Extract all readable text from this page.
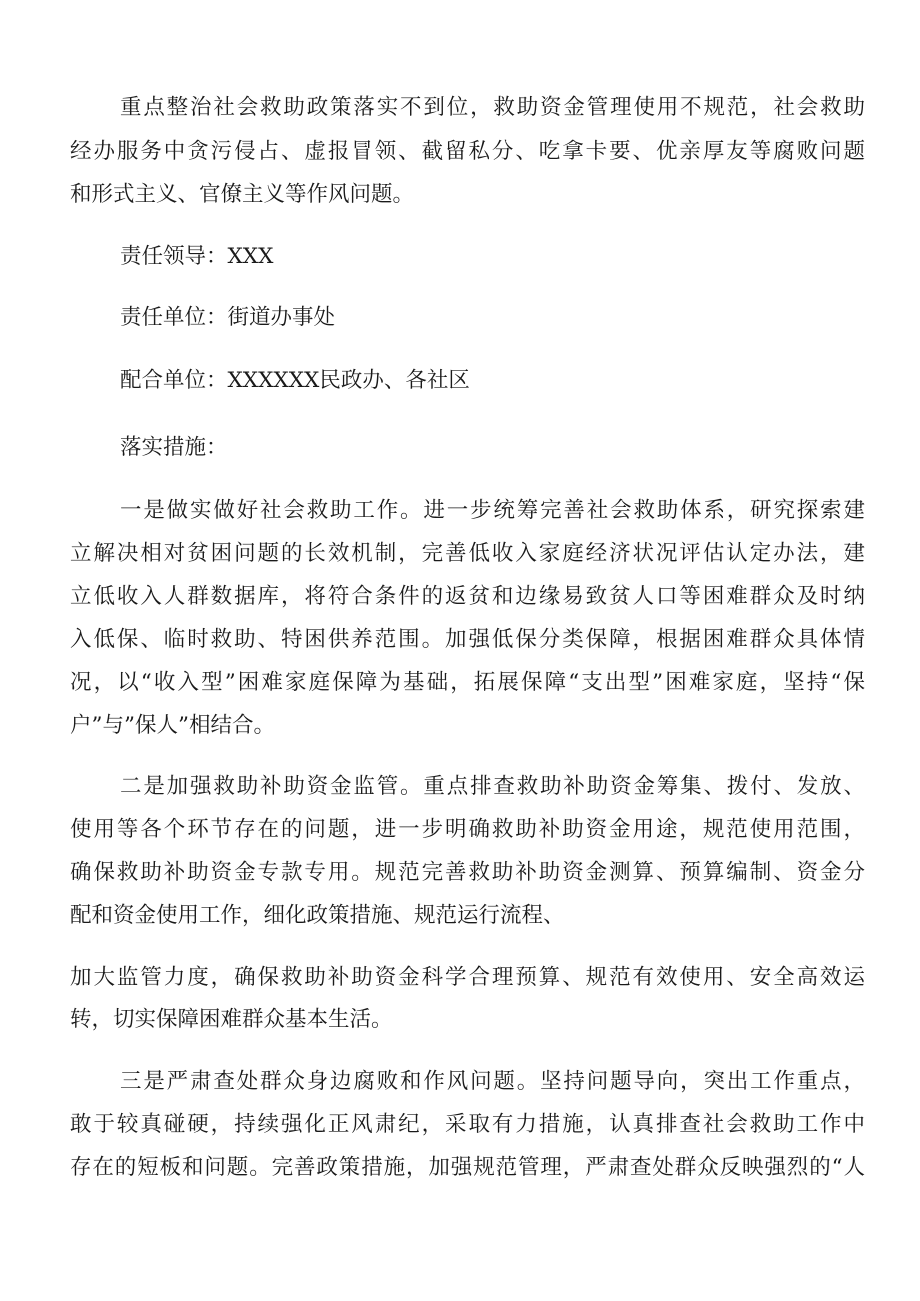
重点整治社会救助政策落实不到位，救助资金管理使用不规范，社会救助
经办服务中贪污侵占、虚报冒领、截留私分、吃拿卡要、优亲厚友等腐败问题
和形式主义、官僚主义等作风问题。
责任领导：XXX
责任单位：街道办事处
配合单位：XXXXXX民政办、各社区
落实措施：
一是做实做好社会救助工作。进一步统筹完善社会救助体系，研究探索建
立解决相对贫困问题的长效机制，完善低收入家庭经济状况评估认定办法，建
立低收入人群数据库，将符合条件的返贫和边缘易致贫人口等困难群众及时纳
入低保、临时救助、特困供养范围。加强低保分类保障，根据困难群众具体情
况，以“收入型”困难家庭保障为基础，拓展保障“支出型”困难家庭，坚持“保
户”与”保人”相结合。
二是加强救助补助资金监管。重点排查救助补助资金筹集、拨付、发放、
使用等各个环节存在的问题，进一步明确救助补助资金用途，规范使用范围，
确保救助补助资金专款专用。规范完善救助补助资金测算、预算编制、资金分
配和资金使用工作，细化政策措施、规范运行流程、
加大监管力度，确保救助补助资金科学合理预算、规范有效使用、安全高效运
转，切实保障困难群众基本生活。
三是严肃查处群众身边腐败和作风问题。坚持问题导向，突出工作重点，
敢于较真碰硬，持续强化正风肃纪，采取有力措施，认真排查社会救助工作中
存在的短板和问题。完善政策措施，加强规范管理，严肃查处群众反映强烈的“人
